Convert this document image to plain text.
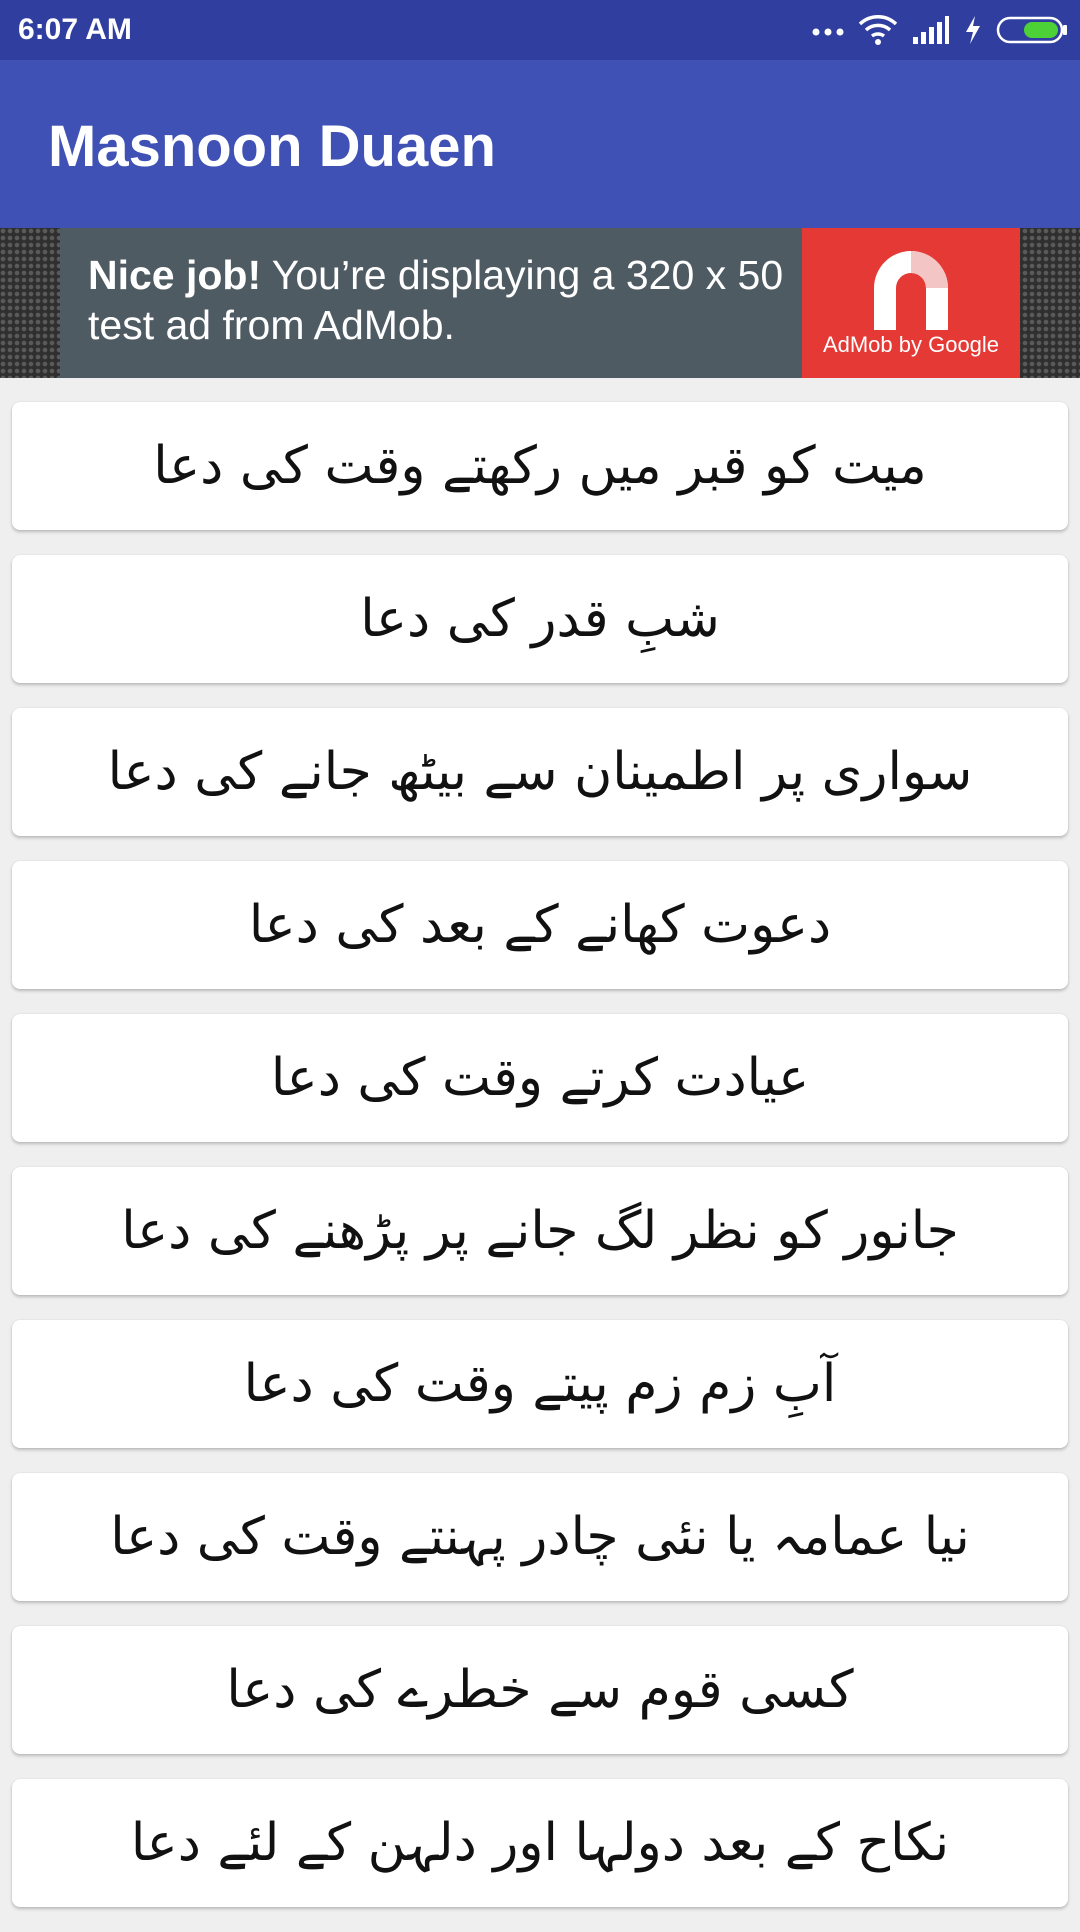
6:07 AM
Masnoon Duaen
Nice job! You’re displaying a 320 x 50 test ad from AdMob.	AdMob by Google
میت کو قبر میں رکھتے وقت کی دعا
شبِ قدر کی دعا
سواری پر اطمینان سے بیٹھ جانے کی دعا
دعوت کھانے کے بعد کی دعا
عیادت کرتے وقت کی دعا
جانور کو نظر لگ جانے پر پڑھنے کی دعا
آبِ زم زم پیتے وقت کی دعا
نیا عمامہ یا نئی چادر پہنتے وقت کی دعا
کسی قوم سے خطرے کی دعا
نکاح کے بعد دولہا اور دلہن کے لئے دعا
